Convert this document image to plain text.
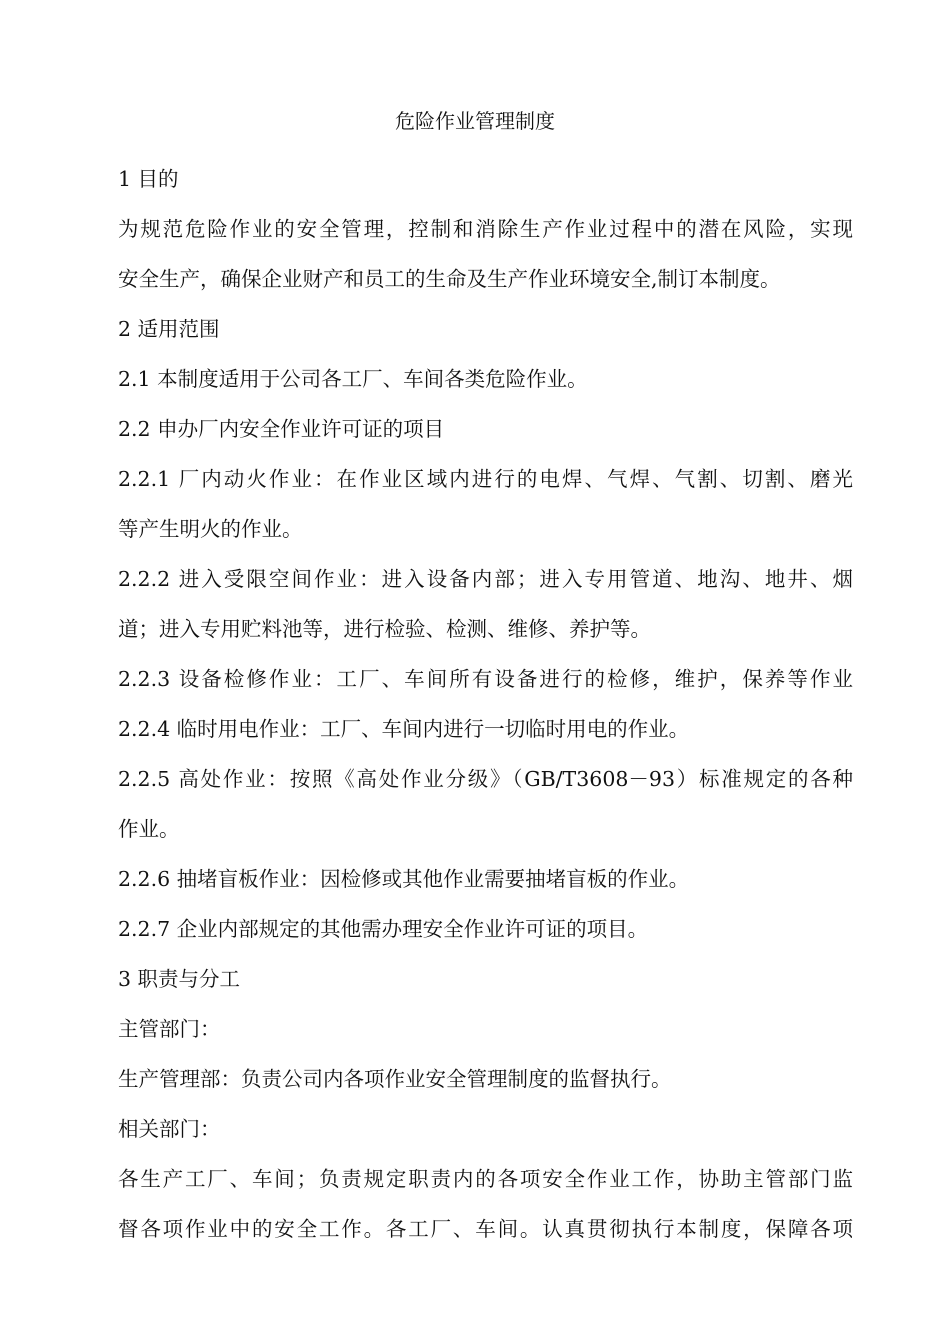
危险作业管理制度
1 目的
为规范危险作业的安全管理，控制和消除生产作业过程中的潜在风险，实现
安全生产，确保企业财产和员工的生命及生产作业环境安全,制订本制度。
2 适用范围
2.1 本制度适用于公司各工厂、车间各类危险作业。
2.2 申办厂内安全作业许可证的项目
2.2.1 厂内动火作业：在作业区域内进行的电焊、气焊、气割、切割、磨光
等产生明火的作业。
2.2.2 进入受限空间作业：进入设备内部；进入专用管道、地沟、地井、烟
道；进入专用贮料池等，进行检验、检测、维修、养护等。
2.2.3 设备检修作业：工厂、车间所有设备进行的检修，维护，保养等作业
2.2.4 临时用电作业：工厂、车间内进行一切临时用电的作业。
2.2.5 高处作业：按照《高处作业分级》（GB/T3608－93）标准规定的各种
作业。
2.2.6 抽堵盲板作业：因检修或其他作业需要抽堵盲板的作业。
2.2.7 企业内部规定的其他需办理安全作业许可证的项目。
3 职责与分工
主管部门：
生产管理部：负责公司内各项作业安全管理制度的监督执行。
相关部门：
各生产工厂、车间；负责规定职责内的各项安全作业工作，协助主管部门监
督各项作业中的安全工作。各工厂、车间。认真贯彻执行本制度，保障各项
